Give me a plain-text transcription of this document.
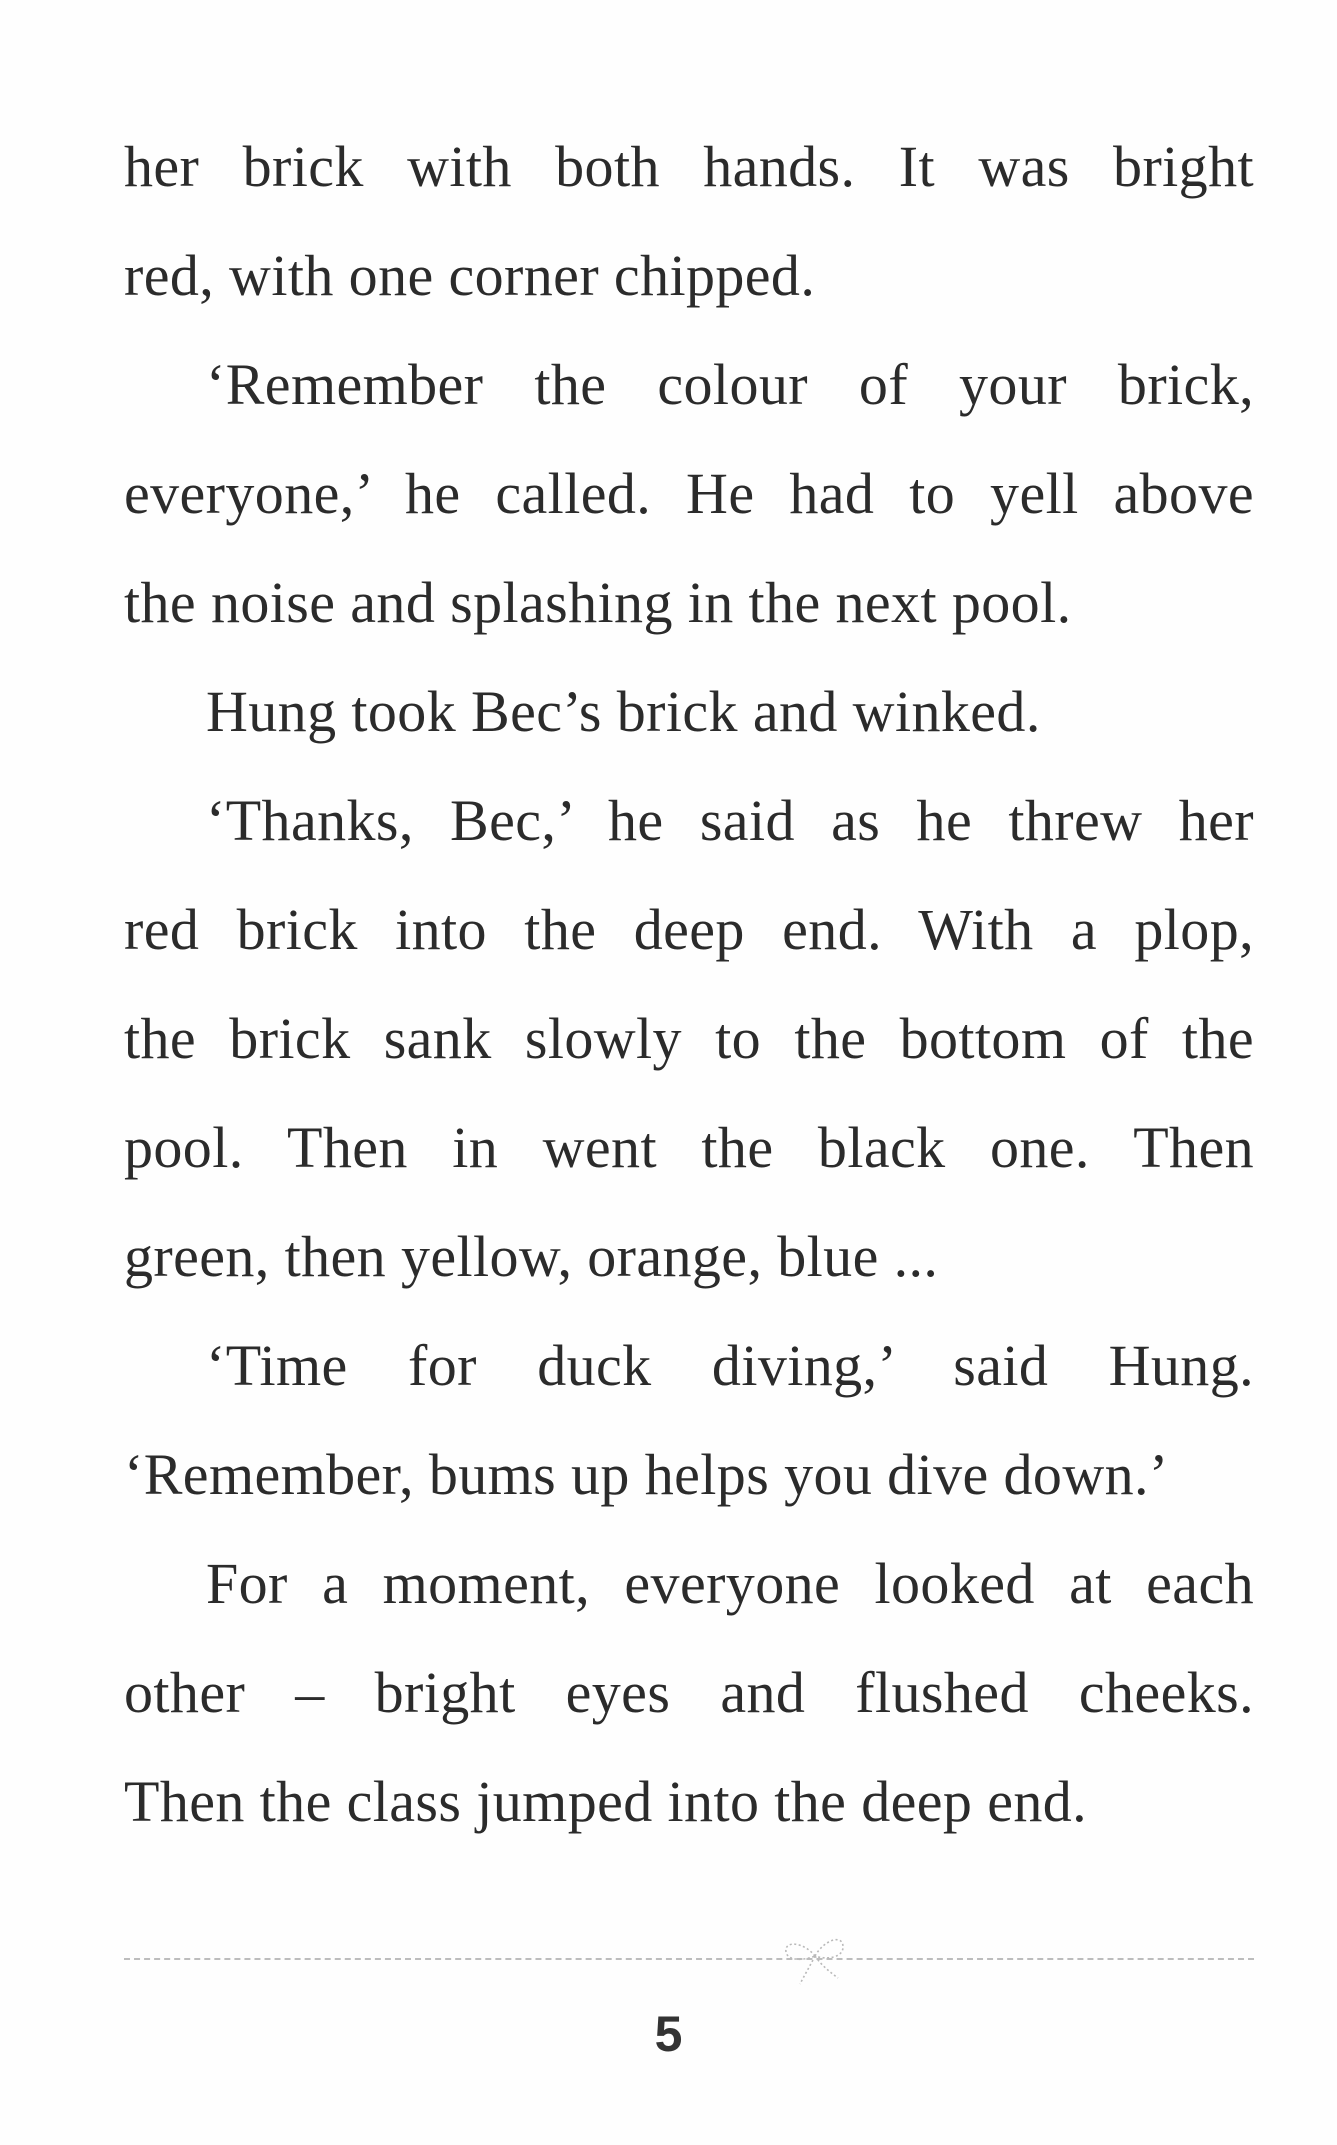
her brick with both hands. It was bright
red, with one corner chipped.
‘Remember the colour of your brick,
everyone,’ he called. He had to yell above
the noise and splashing in the next pool.
Hung took Bec’s brick and winked.
‘Thanks, Bec,’ he said as he threw her
red brick into the deep end. With a plop,
the brick sank slowly to the bottom of the
pool. Then in went the black one. Then
green, then yellow, orange, blue ...
‘Time for duck diving,’ said Hung.
‘Remember, bums up helps you dive down.’
For a moment, everyone looked at each
other – bright eyes and flushed cheeks.
Then the class jumped into the deep end.
5
